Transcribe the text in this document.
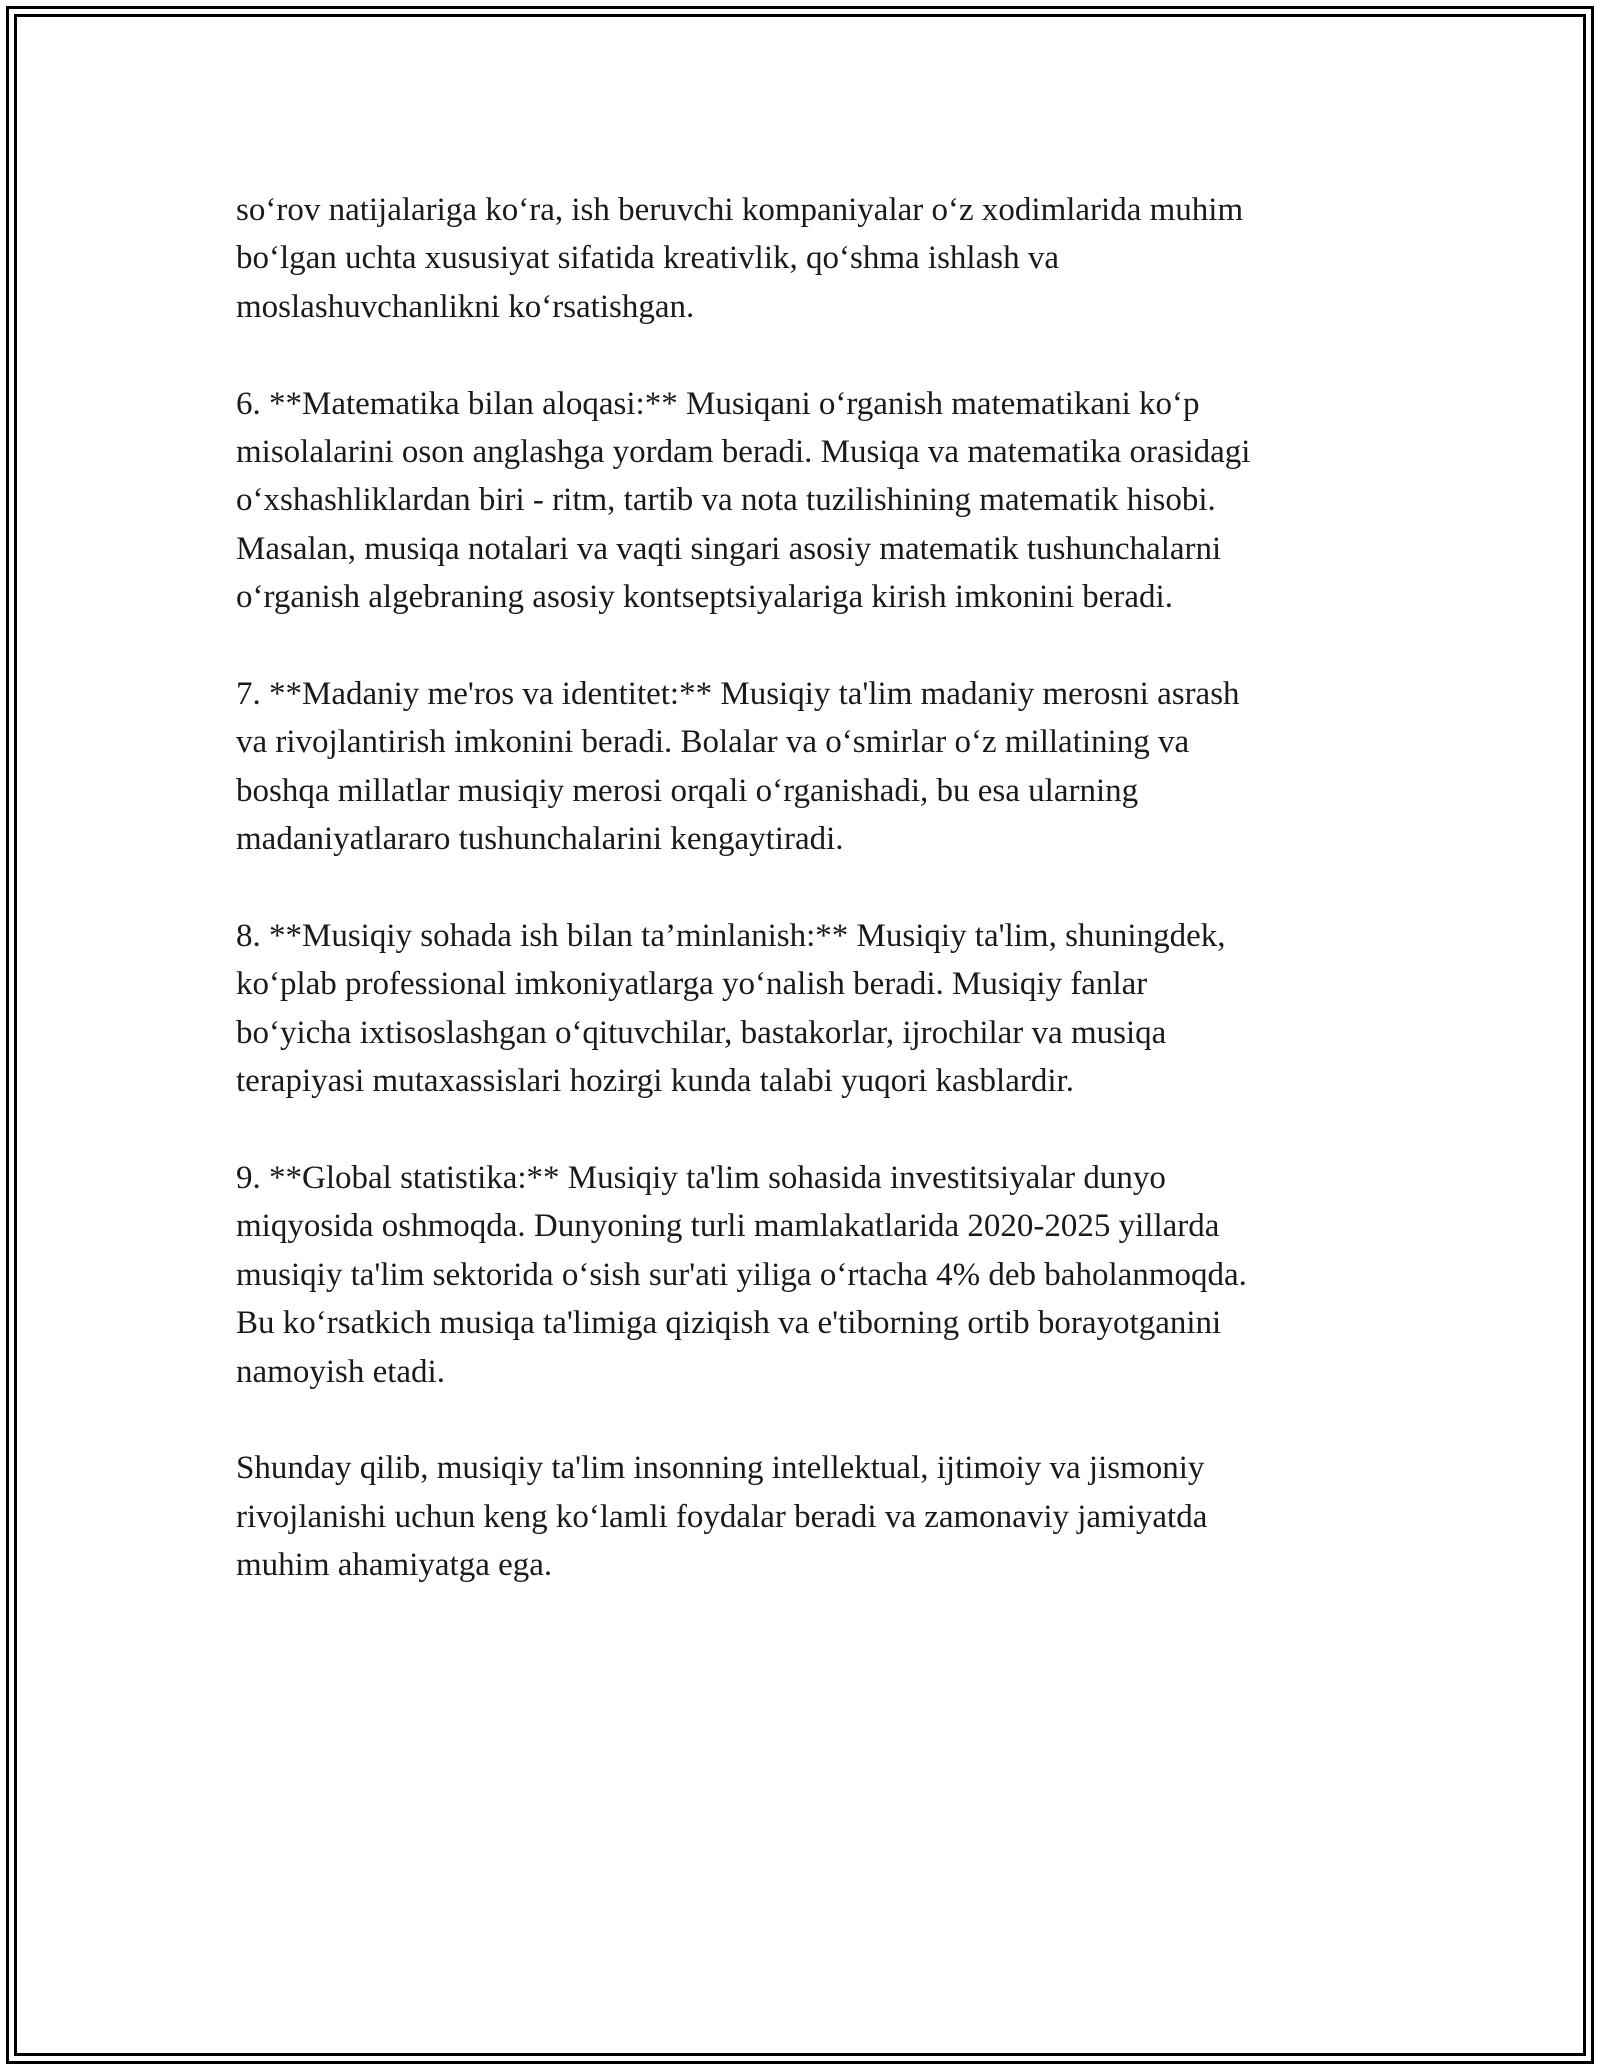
so‘rov natijalariga ko‘ra, ish beruvchi kompaniyalar o‘z xodimlarida muhim
bo‘lgan uchta xususiyat sifatida kreativlik, qo‘shma ishlash va
moslashuvchanlikni ko‘rsatishgan.

6. **Matematika bilan aloqasi:** Musiqani o‘rganish matematikani ko‘p
misolalarini oson anglashga yordam beradi. Musiqa va matematika orasidagi
o‘xshashliklardan biri - ritm, tartib va nota tuzilishining matematik hisobi.
Masalan, musiqa notalari va vaqti singari asosiy matematik tushunchalarni
o‘rganish algebraning asosiy kontseptsiyalariga kirish imkonini beradi.

7. **Madaniy me'ros va identitet:** Musiqiy ta'lim madaniy merosni asrash
va rivojlantirish imkonini beradi. Bolalar va o‘smirlar o‘z millatining va
boshqa millatlar musiqiy merosi orqali o‘rganishadi, bu esa ularning
madaniyatlararo tushunchalarini kengaytiradi.

8. **Musiqiy sohada ish bilan ta’minlanish:** Musiqiy ta'lim, shuningdek,
ko‘plab professional imkoniyatlarga yo‘nalish beradi. Musiqiy fanlar
bo‘yicha ixtisoslashgan o‘qituvchilar, bastakorlar, ijrochilar va musiqa
terapiyasi mutaxassislari hozirgi kunda talabi yuqori kasblardir.

9. **Global statistika:** Musiqiy ta'lim sohasida investitsiyalar dunyo
miqyosida oshmoqda. Dunyoning turli mamlakatlarida 2020-2025 yillarda
musiqiy ta'lim sektorida o‘sish sur'ati yiliga o‘rtacha 4% deb baholanmoqda.
Bu ko‘rsatkich musiqa ta'limiga qiziqish va e'tiborning ortib borayotganini
namoyish etadi.

Shunday qilib, musiqiy ta'lim insonning intellektual, ijtimoiy va jismoniy
rivojlanishi uchun keng ko‘lamli foydalar beradi va zamonaviy jamiyatda
muhim ahamiyatga ega.
